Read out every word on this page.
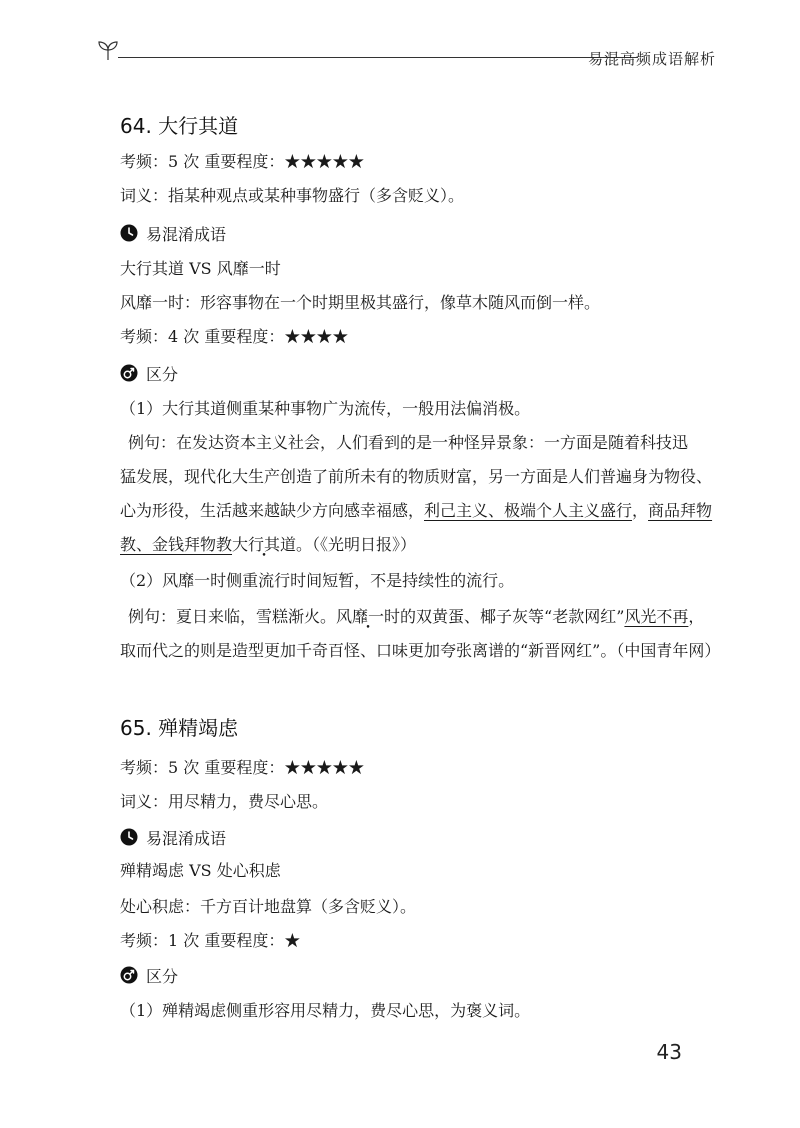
易混高频成语解析
64. 大行其道
考频：5 次 重要程度：★★★★★
词义：指某种观点或某种事物盛行（多含贬义）。
易混淆成语
大行其道 VS 风靡一时
风靡一时：形容事物在一个时期里极其盛行，像草木随风而倒一样。
考频：4 次 重要程度：★★★★
区分
（1）大行其道侧重某种事物广为流传，一般用法偏消极。
例句：在发达资本主义社会，人们看到的是一种怪异景象：一方面是随着科技迅
猛发展，现代化大生产创造了前所未有的物质财富，另一方面是人们普遍身为物役、
心为形役，生活越来越缺少方向感幸福感，利己主义、极端个人主义盛行，商品拜物
教、金钱拜物教大行其道。（《光明日报》）
（2）风靡一时侧重流行时间短暂，不是持续性的流行。
例句：夏日来临，雪糕渐火。风靡一时的双黄蛋、椰子灰等“老款网红”风光不再，
取而代之的则是造型更加千奇百怪、口味更加夸张离谱的“新晋网红”。（中国青年网）
65. 殚精竭虑
考频：5 次 重要程度：★★★★★
词义：用尽精力，费尽心思。
易混淆成语
殚精竭虑 VS 处心积虑
处心积虑：千方百计地盘算（多含贬义）。
考频：1 次 重要程度：★
区分
（1）殚精竭虑侧重形容用尽精力，费尽心思，为褒义词。
43
